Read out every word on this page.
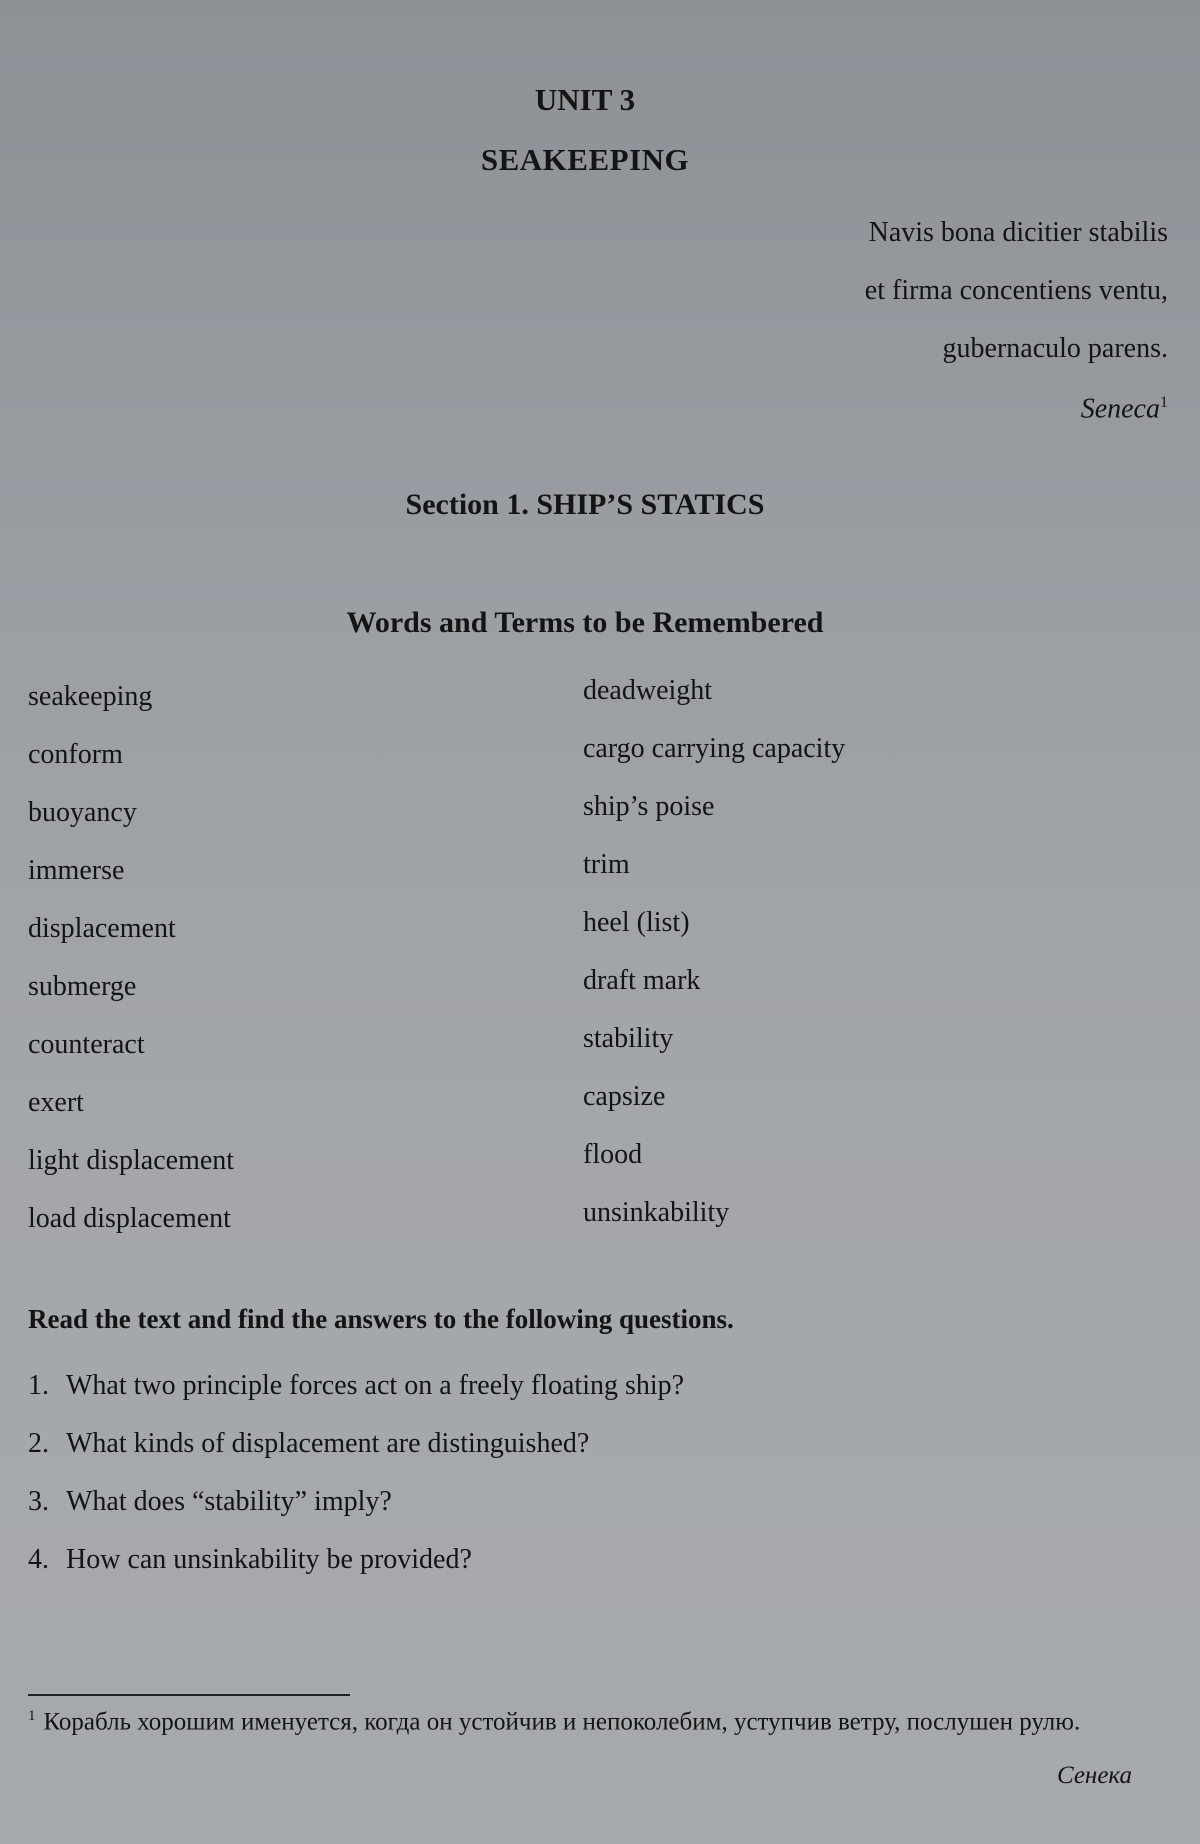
UNIT 3
SEAKEEPING
Navis bona dicitier stabilis
et firma concentiens ventu,
gubernaculo parens.
Seneca$^1$
Section 1. SHIP’S STATICS
Words and Terms to be Remembered
seakeeping
conform
buoyancy
immerse
displacement
submerge
counteract
exert
light displacement
load displacement
deadweight
cargo carrying capacity
ship’s poise
trim
heel (list)
draft mark
stability
capsize
flood
unsinkability
Read the text and find the answers to the following questions.
1. What two principle forces act on a freely floating ship?
2. What kinds of displacement are distinguished?
3. What does “stability” imply?
4. How can unsinkability be provided?
$^1$ Корабль хорошим именуется, когда он устойчив и непоколебим, уступчив ветру, послушен рулю.
Сенека
